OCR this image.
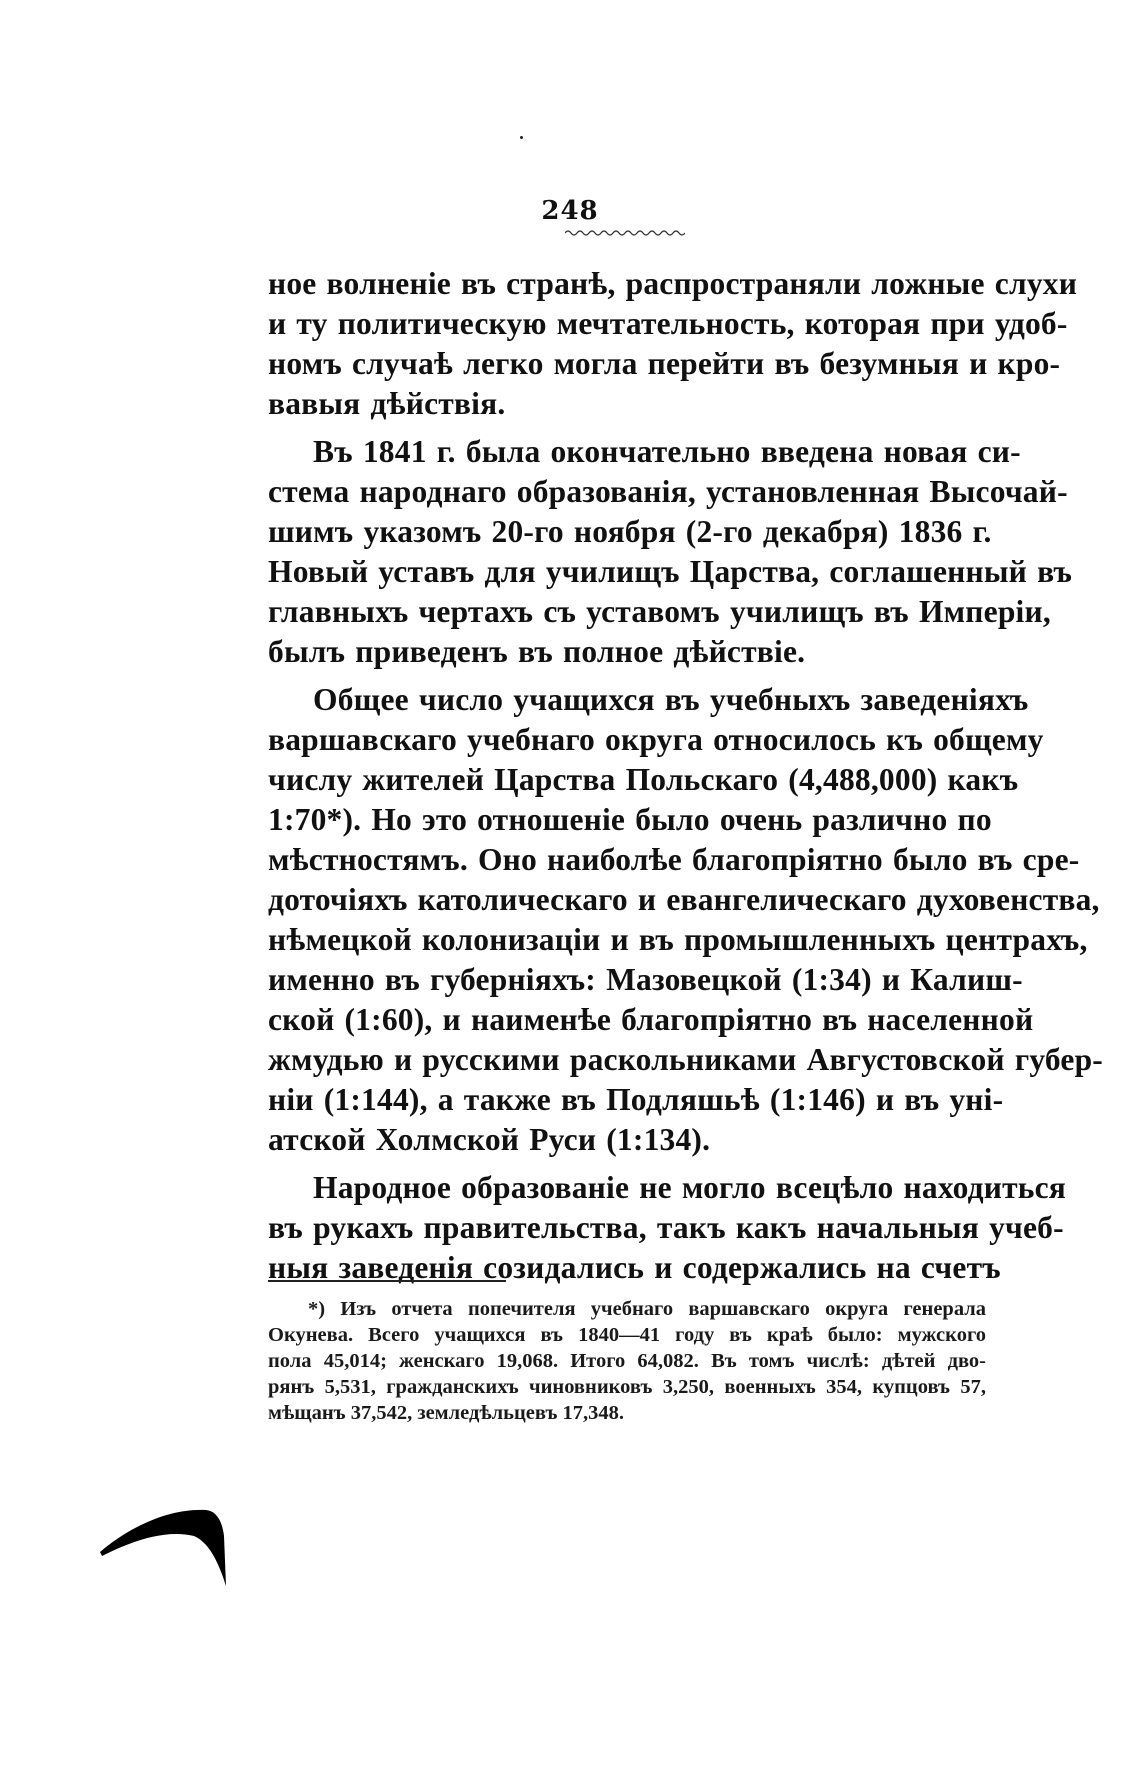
248

ное волненіе въ странѣ, распространяли ложные слухи
и ту политическую мечтательность, которая при удоб-
номъ случаѣ легко могла перейти въ безумныя и кро-
вавыя дѣйствія.

Въ 1841 г. была окончательно введена новая си-
стема народнаго образованія, установленная Высочай-
шимъ указомъ 20-го ноября (2-го декабря) 1836 г.
Новый уставъ для училищъ Царства, соглашенный въ
главныхъ чертахъ съ уставомъ училищъ въ Имперіи,
былъ приведенъ въ полное дѣйствіе.

Общее число учащихся въ учебныхъ заведеніяхъ
варшавскаго учебнаго округа относилось къ общему
числу жителей Царства Польскаго (4,488,000) какъ
1:70*). Но это отношеніе было очень различно по
мѣстностямъ. Оно наиболѣе благопріятно было въ сре-
доточіяхъ католическаго и евангелическаго духовенства,
нѣмецкой колонизаціи и въ промышленныхъ центрахъ,
именно въ губерніяхъ: Мазовецкой (1:34) и Калиш-
ской (1:60), и наименѣе благопріятно въ населенной
жмудью и русскими раскольниками Августовской губер-
ніи (1:144), а также въ Подляшьѣ (1:146) и въ уні-
атской Холмской Руси (1:134).

Народное образованіе не могло всецѣло находиться
въ рукахъ правительства, такъ какъ начальныя учеб-
ныя заведенія созидались и содержались на счетъ

*) Изъ отчета попечителя учебнаго варшавскаго округа генерала
Окунева. Всего учащихся въ 1840—41 году въ краѣ было: мужского
пола 45,014; женскаго 19,068. Итого 64,082. Въ томъ числѣ: дѣтей дво-
рянъ 5,531, гражданскихъ чиновниковъ 3,250, военныхъ 354, купцовъ 57,
мѣщанъ 37,542, земледѣльцевъ 17,348.
